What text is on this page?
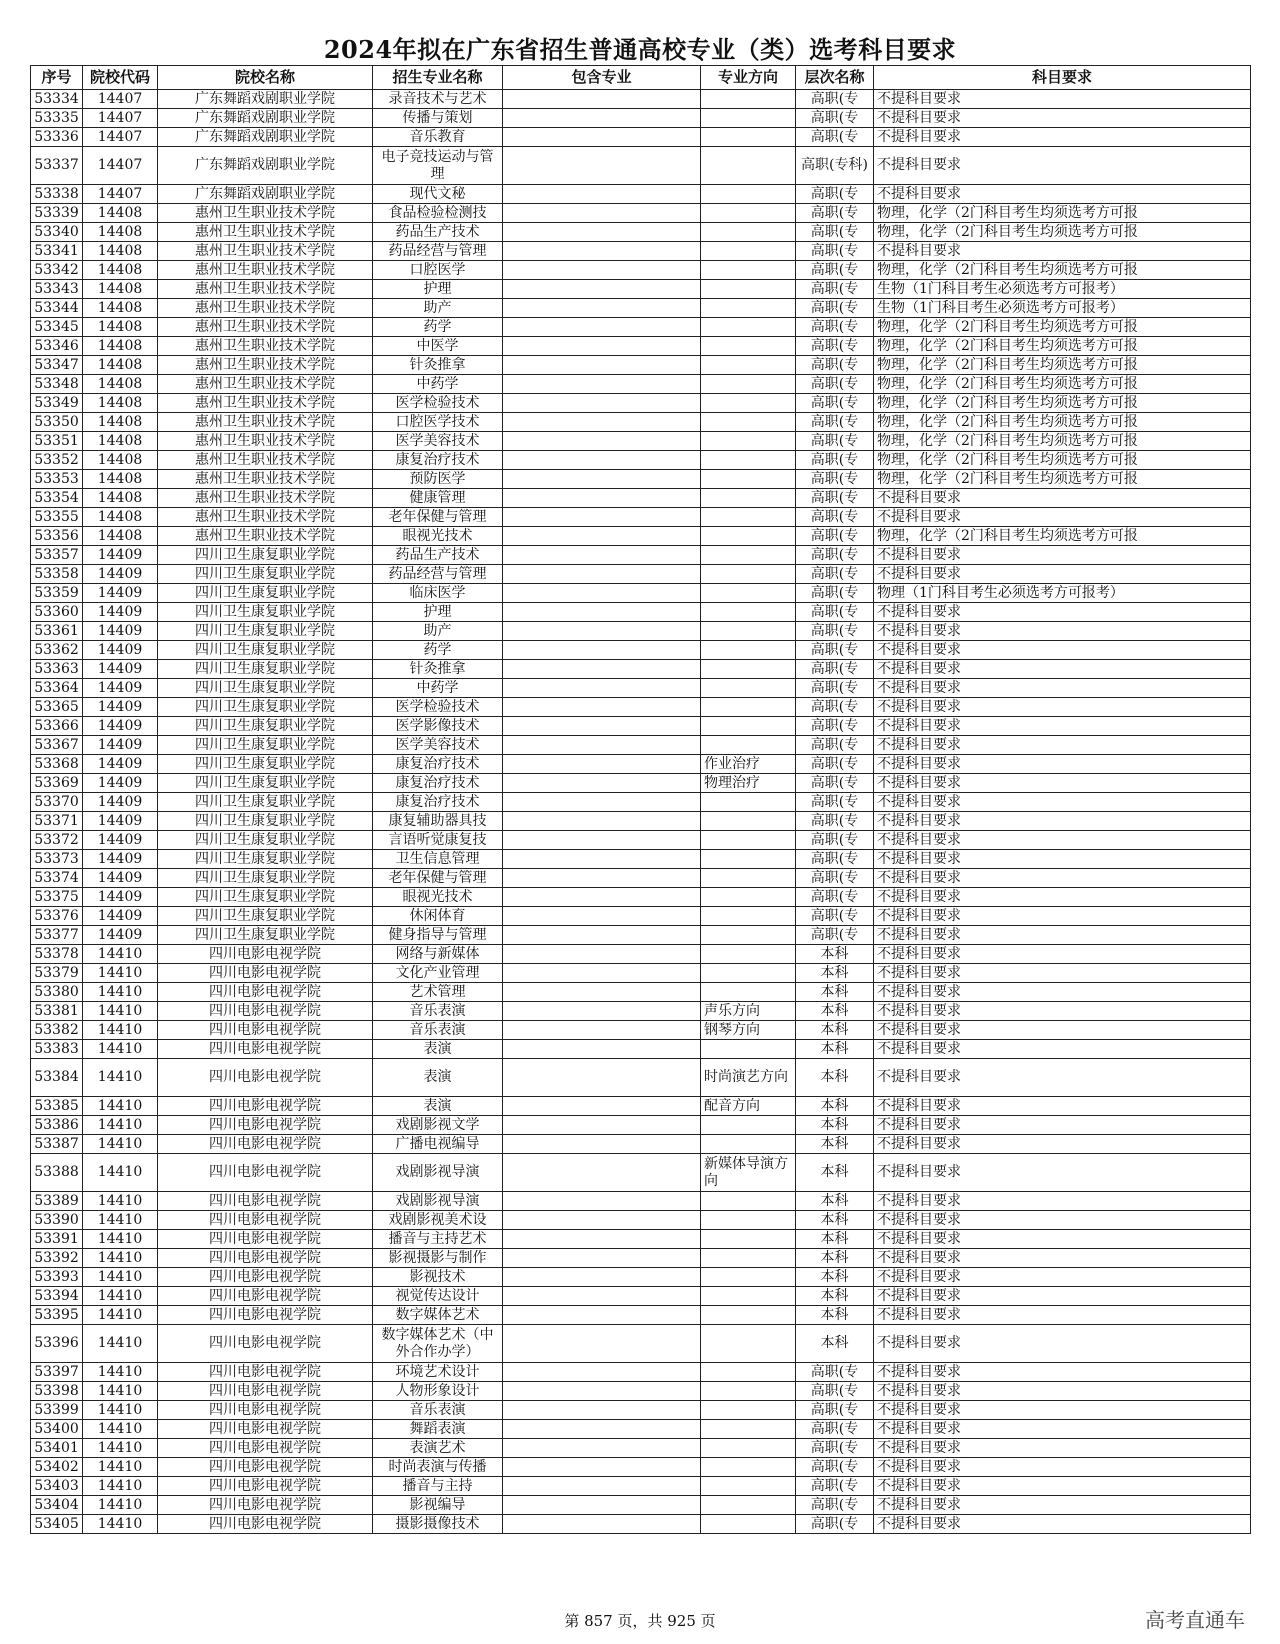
2024年拟在广东省招生普通高校专业（类）选考科目要求
序号	院校代码	院校名称	招生专业名称	包含专业	专业方向	层次名称	科目要求
53334	14407	广东舞蹈戏剧职业学院	录音技术与艺术			高职(专	不提科目要求
53335	14407	广东舞蹈戏剧职业学院	传播与策划			高职(专	不提科目要求
53336	14407	广东舞蹈戏剧职业学院	音乐教育			高职(专	不提科目要求
53337	14407	广东舞蹈戏剧职业学院	电子竞技运动与管理			高职(专科)	不提科目要求
53338	14407	广东舞蹈戏剧职业学院	现代文秘			高职(专	不提科目要求
53339	14408	惠州卫生职业技术学院	食品检验检测技			高职(专	物理，化学（2门科目考生均须选考方可报
53340	14408	惠州卫生职业技术学院	药品生产技术			高职(专	物理，化学（2门科目考生均须选考方可报
53341	14408	惠州卫生职业技术学院	药品经营与管理			高职(专	不提科目要求
53342	14408	惠州卫生职业技术学院	口腔医学			高职(专	物理，化学（2门科目考生均须选考方可报
53343	14408	惠州卫生职业技术学院	护理			高职(专	生物（1门科目考生必须选考方可报考）
53344	14408	惠州卫生职业技术学院	助产			高职(专	生物（1门科目考生必须选考方可报考）
53345	14408	惠州卫生职业技术学院	药学			高职(专	物理，化学（2门科目考生均须选考方可报
53346	14408	惠州卫生职业技术学院	中医学			高职(专	物理，化学（2门科目考生均须选考方可报
53347	14408	惠州卫生职业技术学院	针灸推拿			高职(专	物理，化学（2门科目考生均须选考方可报
53348	14408	惠州卫生职业技术学院	中药学			高职(专	物理，化学（2门科目考生均须选考方可报
53349	14408	惠州卫生职业技术学院	医学检验技术			高职(专	物理，化学（2门科目考生均须选考方可报
53350	14408	惠州卫生职业技术学院	口腔医学技术			高职(专	物理，化学（2门科目考生均须选考方可报
53351	14408	惠州卫生职业技术学院	医学美容技术			高职(专	物理，化学（2门科目考生均须选考方可报
53352	14408	惠州卫生职业技术学院	康复治疗技术			高职(专	物理，化学（2门科目考生均须选考方可报
53353	14408	惠州卫生职业技术学院	预防医学			高职(专	物理，化学（2门科目考生均须选考方可报
53354	14408	惠州卫生职业技术学院	健康管理			高职(专	不提科目要求
53355	14408	惠州卫生职业技术学院	老年保健与管理			高职(专	不提科目要求
53356	14408	惠州卫生职业技术学院	眼视光技术			高职(专	物理，化学（2门科目考生均须选考方可报
53357	14409	四川卫生康复职业学院	药品生产技术			高职(专	不提科目要求
53358	14409	四川卫生康复职业学院	药品经营与管理			高职(专	不提科目要求
53359	14409	四川卫生康复职业学院	临床医学			高职(专	物理（1门科目考生必须选考方可报考）
53360	14409	四川卫生康复职业学院	护理			高职(专	不提科目要求
53361	14409	四川卫生康复职业学院	助产			高职(专	不提科目要求
53362	14409	四川卫生康复职业学院	药学			高职(专	不提科目要求
53363	14409	四川卫生康复职业学院	针灸推拿			高职(专	不提科目要求
53364	14409	四川卫生康复职业学院	中药学			高职(专	不提科目要求
53365	14409	四川卫生康复职业学院	医学检验技术			高职(专	不提科目要求
53366	14409	四川卫生康复职业学院	医学影像技术			高职(专	不提科目要求
53367	14409	四川卫生康复职业学院	医学美容技术			高职(专	不提科目要求
53368	14409	四川卫生康复职业学院	康复治疗技术		作业治疗	高职(专	不提科目要求
53369	14409	四川卫生康复职业学院	康复治疗技术		物理治疗	高职(专	不提科目要求
53370	14409	四川卫生康复职业学院	康复治疗技术			高职(专	不提科目要求
53371	14409	四川卫生康复职业学院	康复辅助器具技			高职(专	不提科目要求
53372	14409	四川卫生康复职业学院	言语听觉康复技			高职(专	不提科目要求
53373	14409	四川卫生康复职业学院	卫生信息管理			高职(专	不提科目要求
53374	14409	四川卫生康复职业学院	老年保健与管理			高职(专	不提科目要求
53375	14409	四川卫生康复职业学院	眼视光技术			高职(专	不提科目要求
53376	14409	四川卫生康复职业学院	休闲体育			高职(专	不提科目要求
53377	14409	四川卫生康复职业学院	健身指导与管理			高职(专	不提科目要求
53378	14410	四川电影电视学院	网络与新媒体			本科	不提科目要求
53379	14410	四川电影电视学院	文化产业管理			本科	不提科目要求
53380	14410	四川电影电视学院	艺术管理			本科	不提科目要求
53381	14410	四川电影电视学院	音乐表演		声乐方向	本科	不提科目要求
53382	14410	四川电影电视学院	音乐表演		钢琴方向	本科	不提科目要求
53383	14410	四川电影电视学院	表演			本科	不提科目要求
53384	14410	四川电影电视学院	表演		时尚演艺方向	本科	不提科目要求
53385	14410	四川电影电视学院	表演		配音方向	本科	不提科目要求
53386	14410	四川电影电视学院	戏剧影视文学			本科	不提科目要求
53387	14410	四川电影电视学院	广播电视编导			本科	不提科目要求
53388	14410	四川电影电视学院	戏剧影视导演		新媒体导演方向	本科	不提科目要求
53389	14410	四川电影电视学院	戏剧影视导演			本科	不提科目要求
53390	14410	四川电影电视学院	戏剧影视美术设			本科	不提科目要求
53391	14410	四川电影电视学院	播音与主持艺术			本科	不提科目要求
53392	14410	四川电影电视学院	影视摄影与制作			本科	不提科目要求
53393	14410	四川电影电视学院	影视技术			本科	不提科目要求
53394	14410	四川电影电视学院	视觉传达设计			本科	不提科目要求
53395	14410	四川电影电视学院	数字媒体艺术			本科	不提科目要求
53396	14410	四川电影电视学院	数字媒体艺术（中外合作办学）			本科	不提科目要求
53397	14410	四川电影电视学院	环境艺术设计			高职(专	不提科目要求
53398	14410	四川电影电视学院	人物形象设计			高职(专	不提科目要求
53399	14410	四川电影电视学院	音乐表演			高职(专	不提科目要求
53400	14410	四川电影电视学院	舞蹈表演			高职(专	不提科目要求
53401	14410	四川电影电视学院	表演艺术			高职(专	不提科目要求
53402	14410	四川电影电视学院	时尚表演与传播			高职(专	不提科目要求
53403	14410	四川电影电视学院	播音与主持			高职(专	不提科目要求
53404	14410	四川电影电视学院	影视编导			高职(专	不提科目要求
53405	14410	四川电影电视学院	摄影摄像技术			高职(专	不提科目要求
第 857 页，共 925 页	高考直通车
